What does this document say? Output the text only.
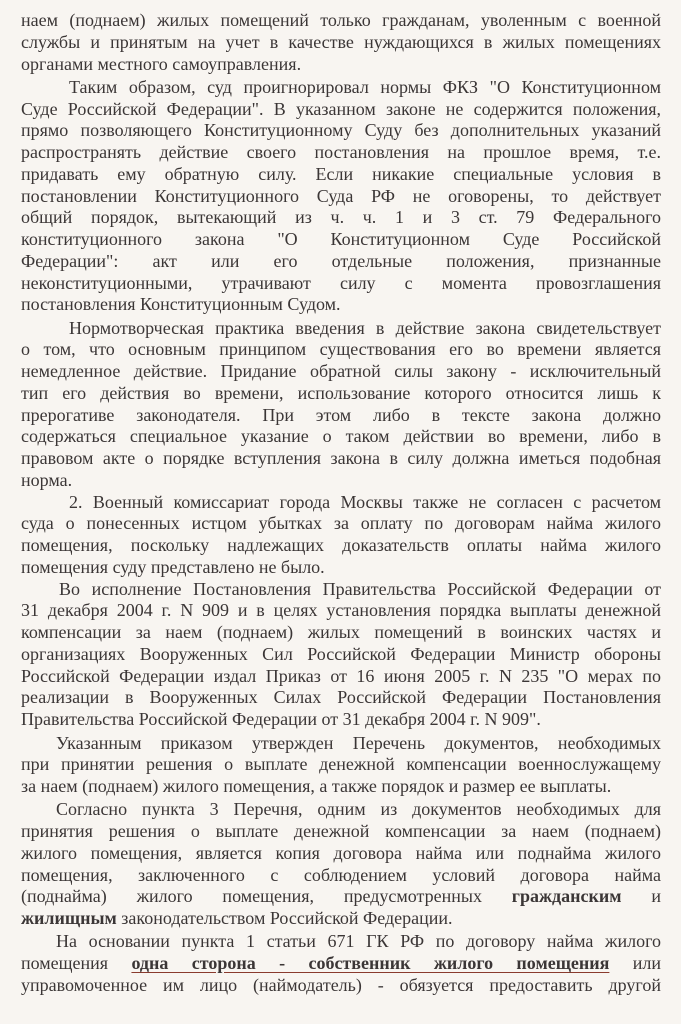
наем (поднаем) жилых помещений только гражданам, уволенным с военной
службы и принятым на учет в качестве нуждающихся в жилых помещениях
органами местного самоуправления.
Таким образом, суд проигнорировал нормы ФКЗ "О Конституционном
Суде Российской Федерации". В указанном законе не содержится положения,
прямо позволяющего Конституционному Суду без дополнительных указаний
распространять действие своего постановления на прошлое время, т.е.
придавать ему обратную силу. Если никакие специальные условия в
постановлении Конституционного Суда РФ не оговорены, то действует
общий порядок, вытекающий из ч. ч. 1 и 3 ст. 79 Федерального
конституционного закона "О Конституционном Суде Российской
Федерации": акт или его отдельные положения, признанные
неконституционными, утрачивают силу с момента провозглашения
постановления Конституционным Судом.
Нормотворческая практика введения в действие закона свидетельствует
о том, что основным принципом существования его во времени является
немедленное действие. Придание обратной силы закону - исключительный
тип его действия во времени, использование которого относится лишь к
прерогативе законодателя. При этом либо в тексте закона должно
содержаться специальное указание о таком действии во времени, либо в
правовом акте о порядке вступления закона в силу должна иметься подобная
норма.
2. Военный комиссариат города Москвы также не согласен с расчетом
суда о понесенных истцом убытках за оплату по договорам найма жилого
помещения, поскольку надлежащих доказательств оплаты найма жилого
помещения суду представлено не было.
Во исполнение Постановления Правительства Российской Федерации от
31 декабря 2004 г. N 909 и в целях установления порядка выплаты денежной
компенсации за наем (поднаем) жилых помещений в воинских частях и
организациях Вооруженных Сил Российской Федерации Министр обороны
Российской Федерации издал Приказ от 16 июня 2005 г. N 235 "О мерах по
реализации в Вооруженных Силах Российской Федерации Постановления
Правительства Российской Федерации от 31 декабря 2004 г. N 909".
Указанным приказом утвержден Перечень документов, необходимых
при принятии решения о выплате денежной компенсации военнослужащему
за наем (поднаем) жилого помещения, а также порядок и размер ее выплаты.
Согласно пункта 3 Перечня, одним из документов необходимых для
принятия решения о выплате денежной компенсации за наем (поднаем)
жилого помещения, является копия договора найма или поднайма жилого
помещения, заключенного с соблюдением условий договора найма
(поднайма) жилого помещения, предусмотренных гражданским и
жилищным законодательством Российской Федерации.
На основании пункта 1 статьи 671 ГК РФ по договору найма жилого
помещения одна сторона - собственник жилого помещения или
управомоченное им лицо (наймодатель) - обязуется предоставить другой
